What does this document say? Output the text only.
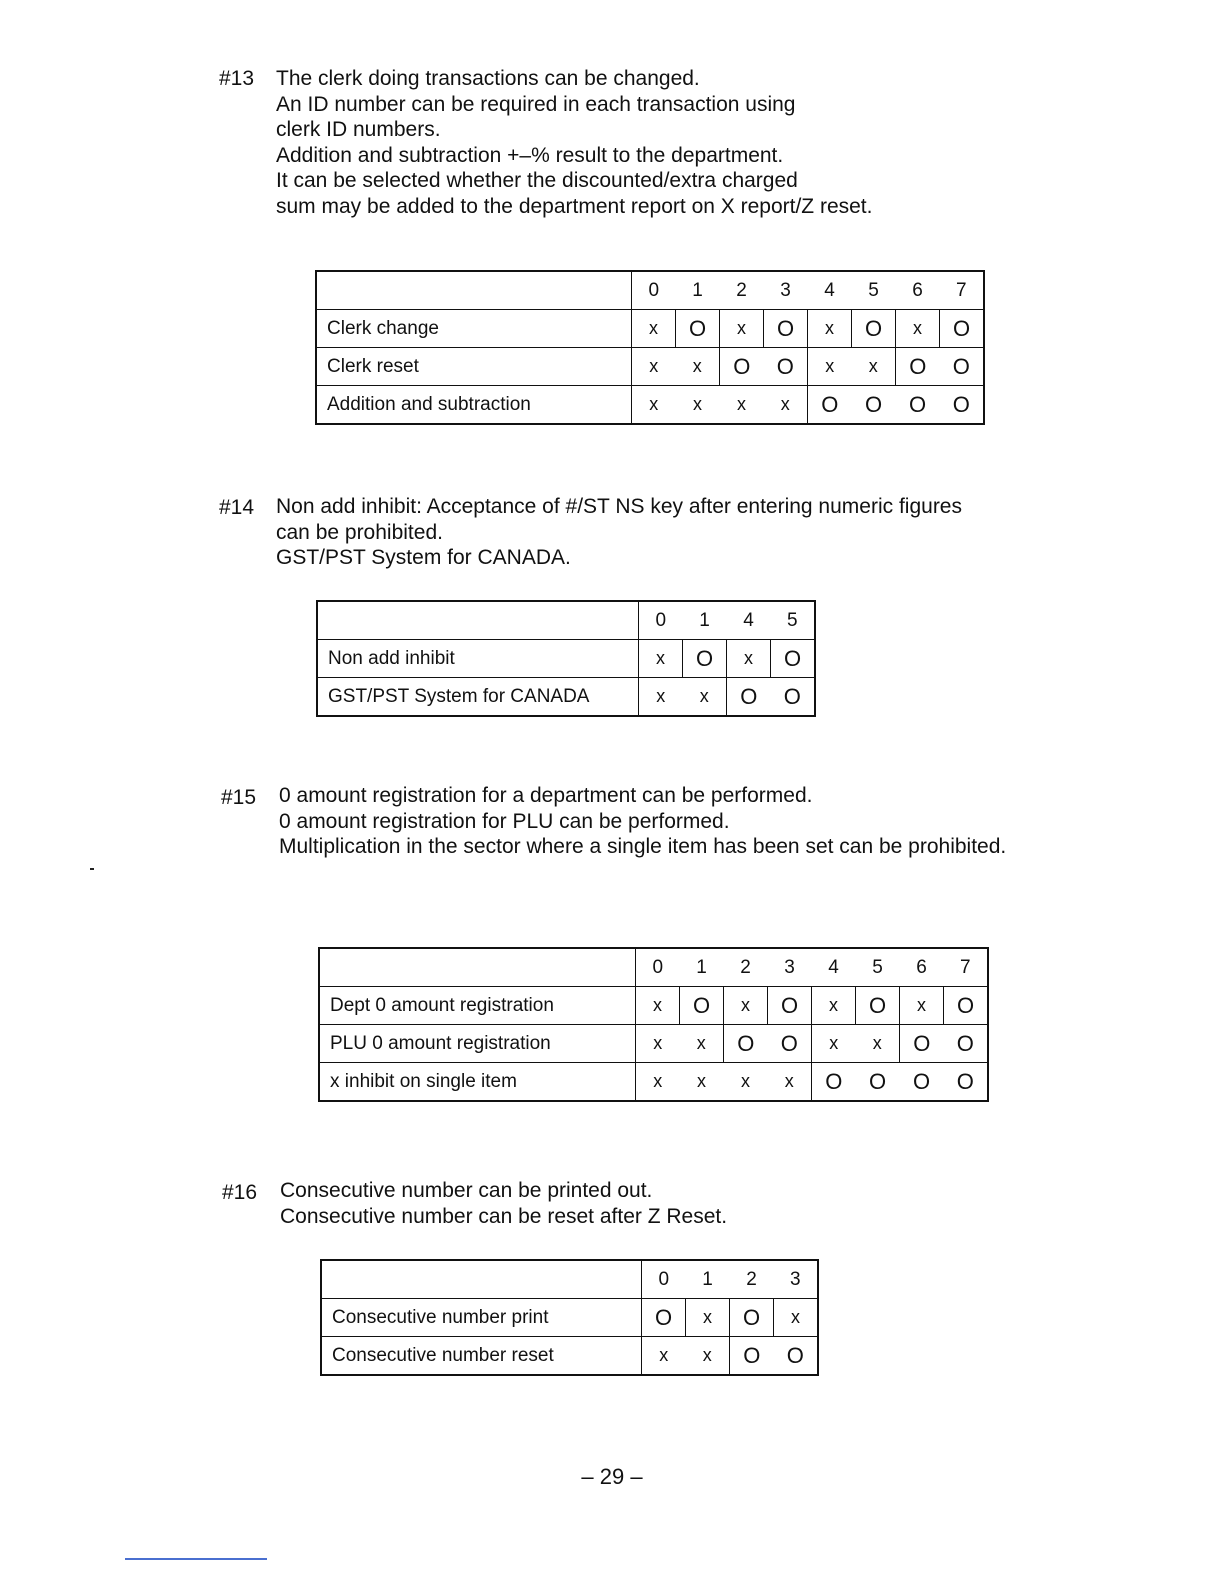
#13 The clerk doing transactions can be changed.
An ID number can be required in each transaction using
clerk ID numbers.
Addition and subtraction +–% result to the department.
It can be selected whether the discounted/extra charged
sum may be added to the department report on X report/Z reset.
	0	1	2	3	4	5	6	7
Clerk change	x	O	x	O	x	O	x	O
Clerk reset	x	x	O	O	x	x	O	O
Addition and subtraction	x	x	x	x	O	O	O	O
#14 Non add inhibit: Acceptance of #/ST NS key after entering numeric figures
can be prohibited.
GST/PST System for CANADA.
	0	1	4	5
Non add inhibit	x	O	x	O
GST/PST System for CANADA	x	x	O	O
#15 0 amount registration for a department can be performed.
0 amount registration for PLU can be performed.
Multiplication in the sector where a single item has been set can be prohibited.
	0	1	2	3	4	5	6	7
Dept 0 amount registration	x	O	x	O	x	O	x	O
PLU 0 amount registration	x	x	O	O	x	x	O	O
x inhibit on single item	x	x	x	x	O	O	O	O
#16 Consecutive number can be printed out.
Consecutive number can be reset after Z Reset.
	0	1	2	3
Consecutive number print	O	x	O	x
Consecutive number reset	x	x	O	O
– 29 –
